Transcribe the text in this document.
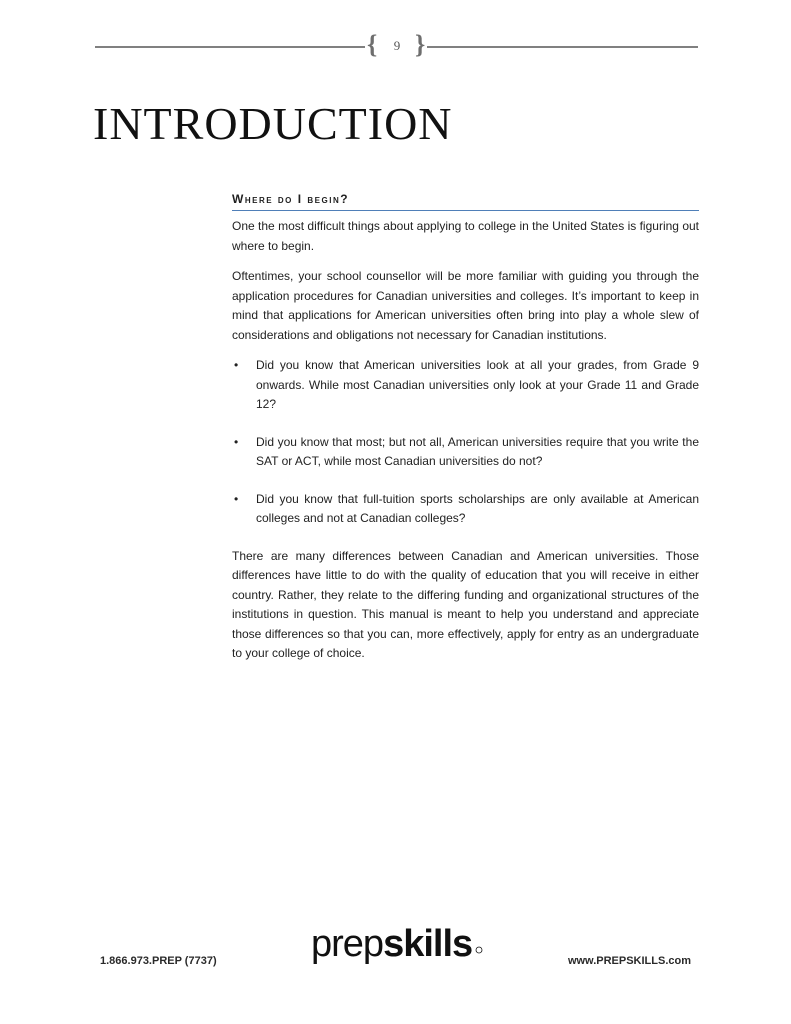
{	9 }
INTRODUCTION
Where do I begin?

One the most difficult things about applying to college in the United States is figuring out where to begin.

Oftentimes, your school counsellor will be more familiar with guiding you through the application procedures for Canadian universities and colleges. It’s important to keep in mind that applications for American universities often bring into play a whole slew of considerations and obligations not necessary for Canadian institutions.

• Did you know that American universities look at all your grades, from Grade 9 onwards. While most Canadian universities only look at your Grade 11 and Grade 12?
• Did you know that most; but not all, American universities require that you write the SAT or ACT, while most Canadian universities do not?
• Did you know that full-tuition sports scholarships are only available at American colleges and not at Canadian colleges?

There are many differences between Canadian and American universities. Those differences have little to do with the quality of education that you will receive in either country. Rather, they relate to the differing funding and organizational structures of the institutions in question. This manual is meant to help you understand and appreciate those differences so that you can, more effectively, apply for entry as an undergraduate to your college of choice.

1.866.973.PREP (7737) prepskills	www.PREPSKILLS.com
